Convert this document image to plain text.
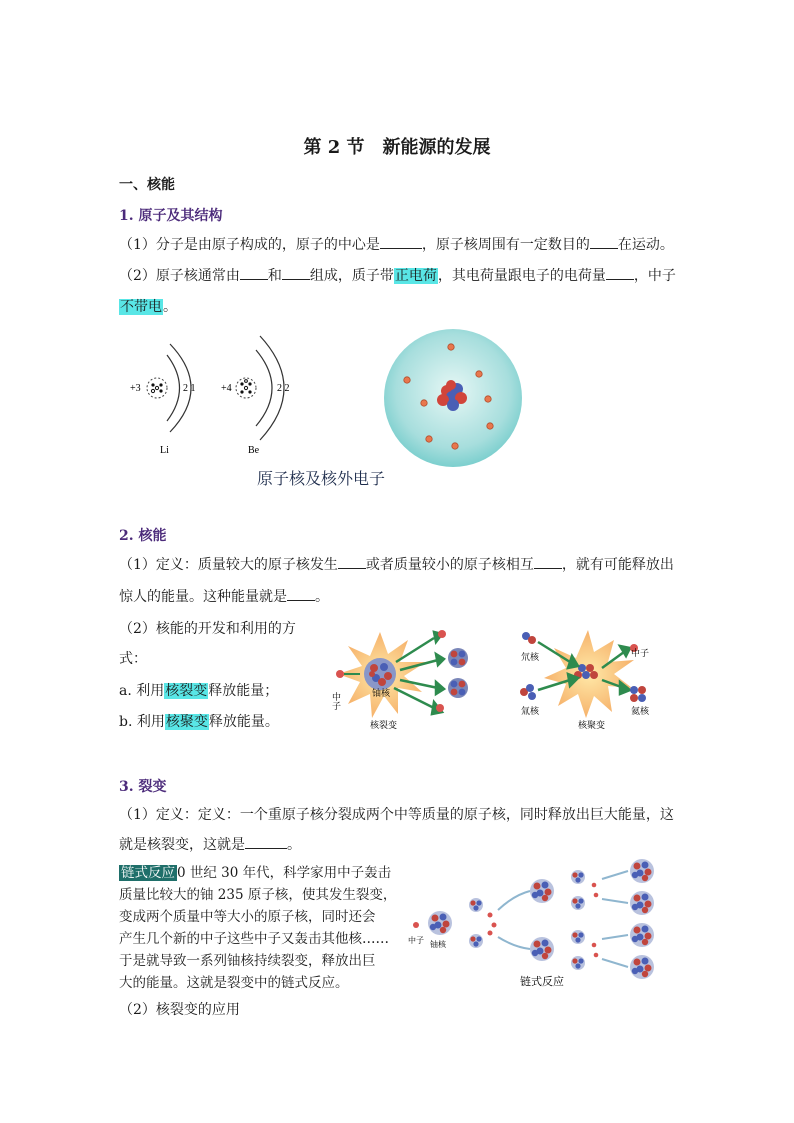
第 2 节　新能源的发展
一、核能
1. 原子及其结构
（1）分子是由原子构成的，原子的中心是	，原子核周围有一定数目的 在运动。
（2）原子核通常由 和 组成，质子带正电荷，其电荷量跟电子的电荷量 ，中子
不带电。
+3	2 1
Li
+4	2 2
Be
原子核及核外电子
2. 核能
（1）定义：质量较大的原子核发生 或者质量较小的原子核相互 ，就有可能释放出
惊人的能量。这种能量就是 。
（2）核能的开发和利用的方
式：
a. 利用核裂变释放能量；
b. 利用核聚变释放能量。
中子	铀核
核裂变
氘核
氚核
中子
氦核
核聚变
3. 裂变
（1）定义：定义：一个重原子核分裂成两个中等质量的原子核，同时释放出巨大能量，这
就是核裂变，这就是	。
链式反应 0 世纪 30 年代，科学家用中子轰击
质量比较大的铀 235 原子核，使其发生裂变，
变成两个质量中等大小的原子核，同时还会
产生几个新的中子这些中子又轰击其他核……
于是就导致一系列铀核持续裂变，释放出巨
大的能量。这就是裂变中的链式反应。
中子 铀核
链式反应
（2）核裂变的应用
